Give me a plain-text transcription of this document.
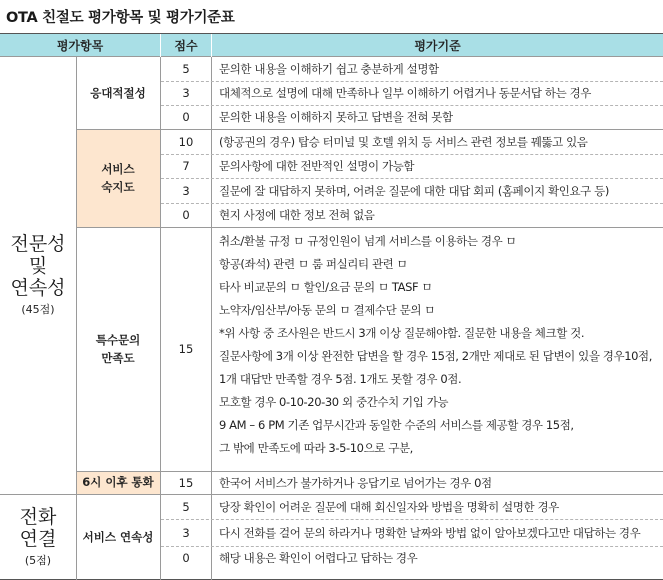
OTA 친절도 평가항목 및 평가기준표
평가항목	점수	평가기준
전문성
및
연속성
(45점)
전화
연결
(5점)
응대적절성
서비스
숙지도
특수문의
만족도
6시 이후 통화
서비스 연속성
5
3
0
10
7
3
0
15
15
5
3
0
문의한 내용을 이해하기 쉽고 충분하게 설명함
대체적으로 설명에 대해 만족하나 일부 이해하기 어렵거나 동문서답 하는 경우
문의한 내용을 이해하지 못하고 답변을 전혀 못함
(항공권의 경우) 탑승 터미널 및 호텔 위치 등 서비스 관련 정보를 꿰뚫고 있음
문의사항에 대한 전반적인 설명이 가능함
질문에 잘 대답하지 못하며, 어려운 질문에 대한 대답 회피 (홈페이지 확인요구 등)
현지 사정에 대한 정보 전혀 없음
취소/환불 규정 ㅁ 규정인원이 넘게 서비스를 이용하는 경우 ㅁ
항공(좌석) 관련 ㅁ 룸 퍼실리티 관련 ㅁ
타사 비교문의 ㅁ 할인/요금 문의 ㅁ TASF ㅁ
노약자/임산부/아동 문의 ㅁ 결제수단 문의 ㅁ
*위 사항 중 조사원은 반드시 3개 이상 질문해야함. 질문한 내용을 체크할 것.
질문사항에 3개 이상 완전한 답변을 할 경우 15점, 2개만 제대로 된 답변이 있을 경우10점,
1개 대답만 만족할 경우 5점. 1개도 못할 경우 0점.
모호할 경우 0-10-20-30 외 중간수치 기입 가능
9 AM – 6 PM 기존 업무시간과 동일한 수준의 서비스를 제공할 경우 15점,
그 밖에 만족도에 따라 3-5-10으로 구분,
한국어 서비스가 불가하거나 응답기로 넘어가는 경우 0점
당장 확인이 어려운 질문에 대해 회신일자와 방법을 명확히 설명한 경우
다시 전화를 걸어 문의 하라거나 명확한 날짜와 방법 없이 알아보겠다고만 대답하는 경우
해당 내용은 확인이 어렵다고 답하는 경우
